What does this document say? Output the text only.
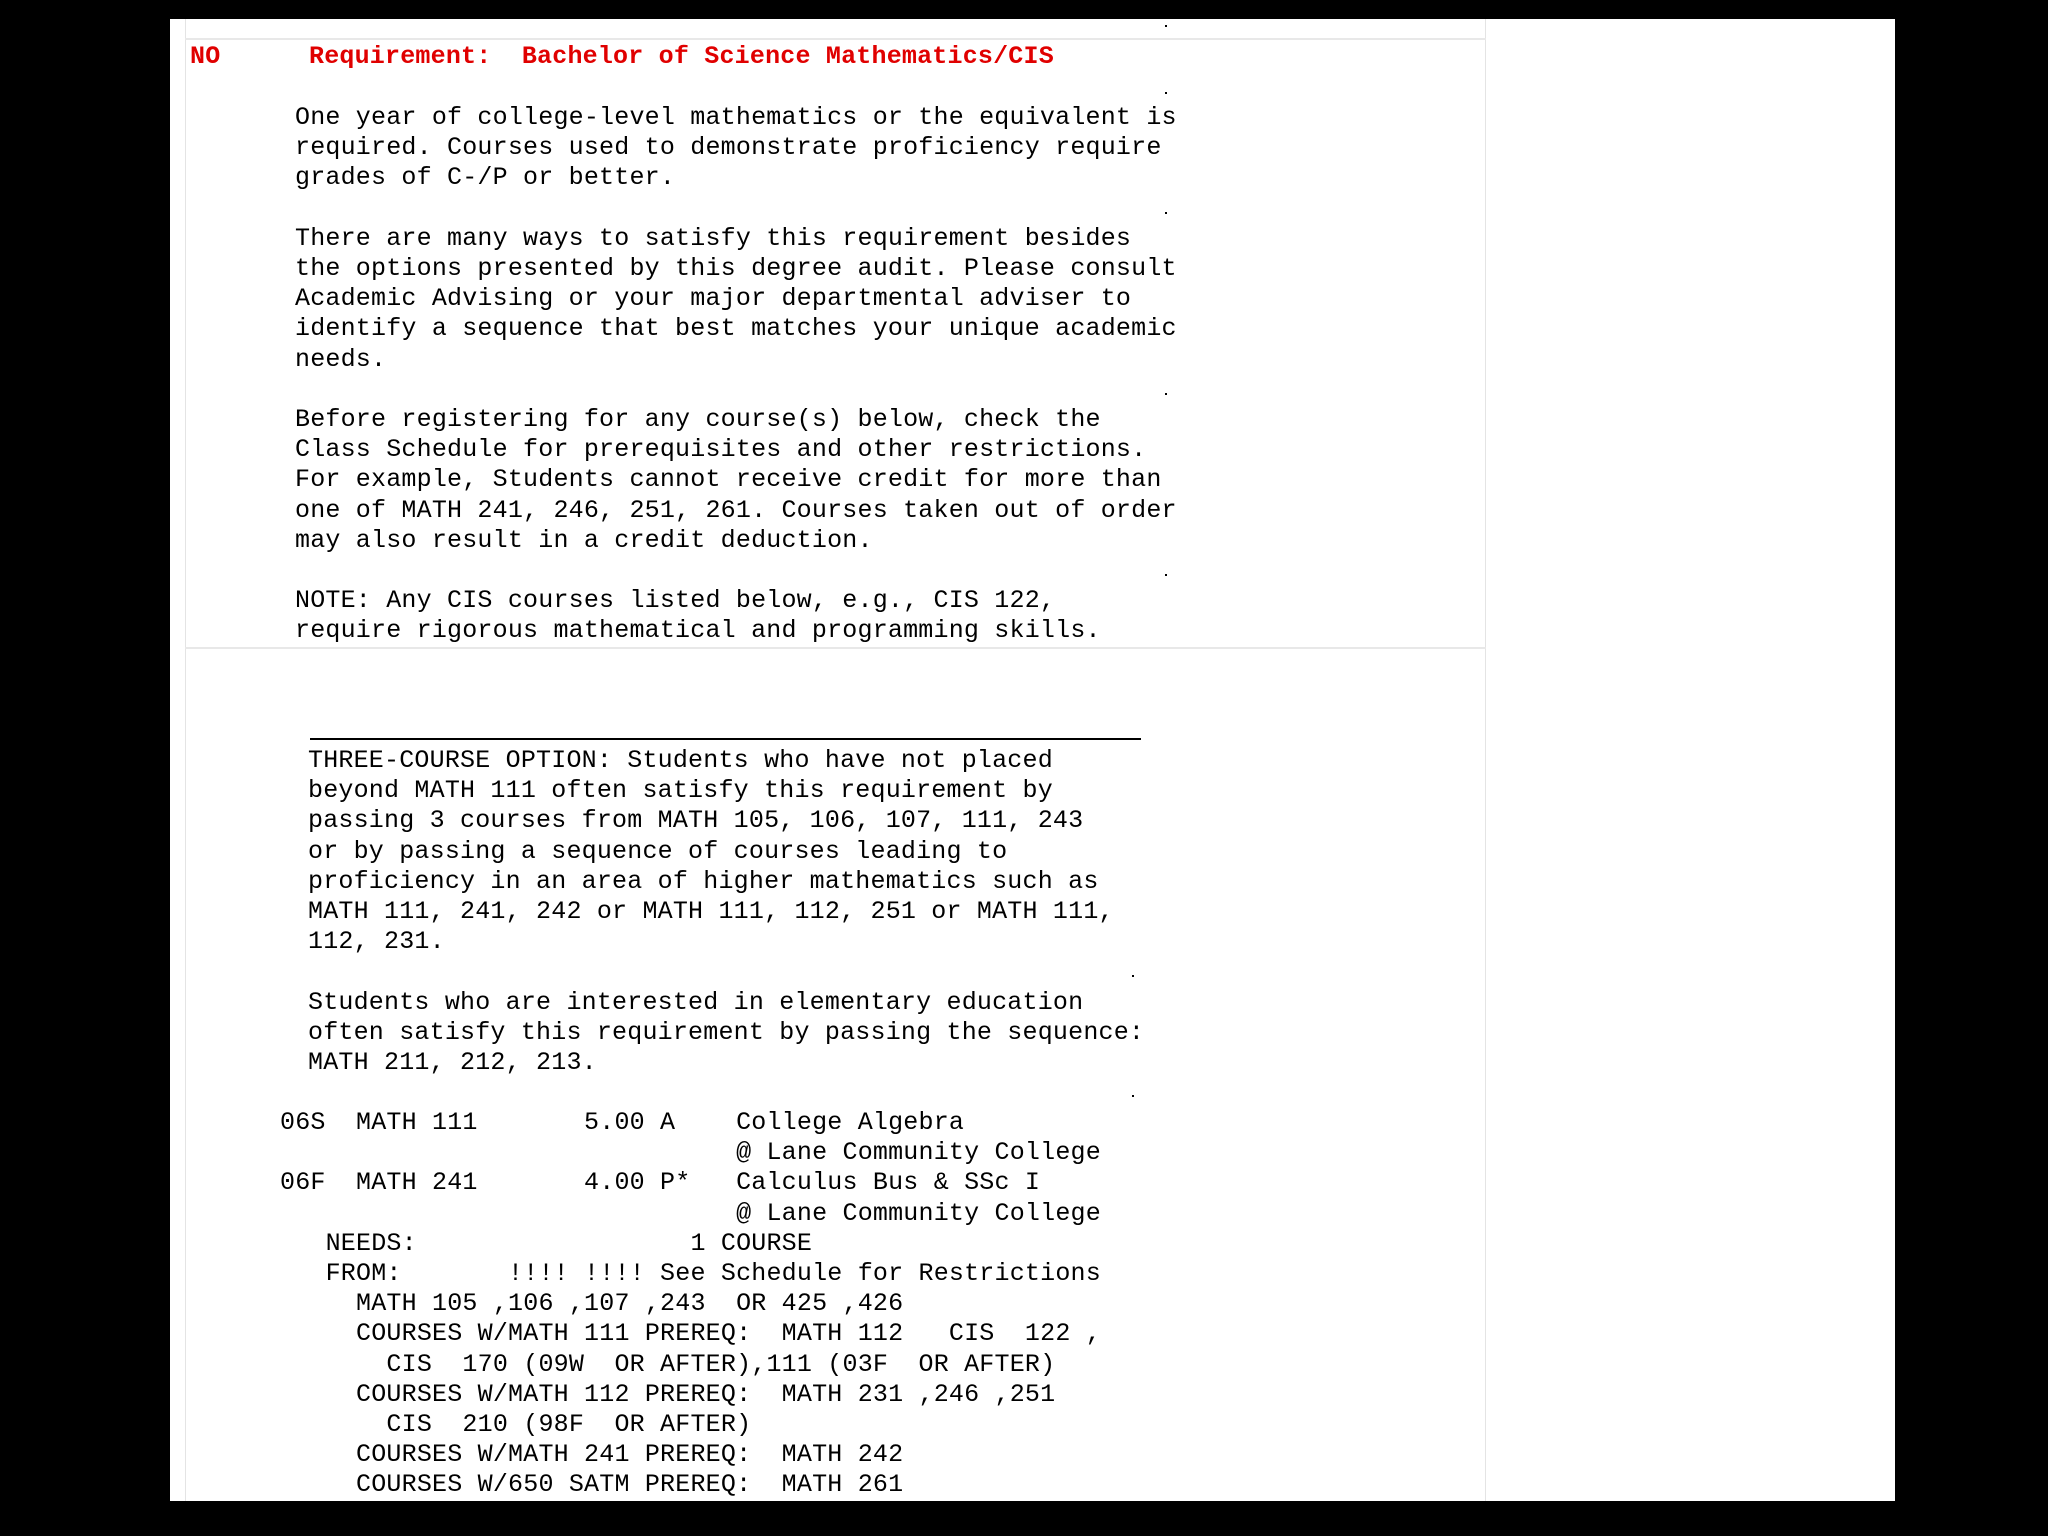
NO	Requirement:  Bachelor of Science Mathematics/CIS
One year of college-level mathematics or the equivalent is
required. Courses used to demonstrate proficiency require
grades of C-/P or better.

There are many ways to satisfy this requirement besides
the options presented by this degree audit. Please consult
Academic Advising or your major departmental adviser to
identify a sequence that best matches your unique academic
needs.

Before registering for any course(s) below, check the
Class Schedule for prerequisites and other restrictions.
For example, Students cannot receive credit for more than
one of MATH 241, 246, 251, 261. Courses taken out of order
may also result in a credit deduction.

NOTE: Any CIS courses listed below, e.g., CIS 122,
require rigorous mathematical and programming skills.
THREE-COURSE OPTION: Students who have not placed
beyond MATH 111 often satisfy this requirement by
passing 3 courses from MATH 105, 106, 107, 111, 243
or by passing a sequence of courses leading to
proficiency in an area of higher mathematics such as
MATH 111, 241, 242 or MATH 111, 112, 251 or MATH 111,
112, 231.

Students who are interested in elementary education
often satisfy this requirement by passing the sequence:
MATH 211, 212, 213.
06S  MATH 111       5.00 A    College Algebra
@ Lane Community College
06F  MATH 241       4.00 P*   Calculus Bus & SSc I
@ Lane Community College
NEEDS:                  1 COURSE
FROM:       !!!! !!!! See Schedule for Restrictions
MATH 105 ,106 ,107 ,243  OR 425 ,426
COURSES W/MATH 111 PREREQ:  MATH 112   CIS  122 ,
CIS  170 (09W  OR AFTER),111 (03F  OR AFTER)
COURSES W/MATH 112 PREREQ:  MATH 231 ,246 ,251
CIS  210 (98F  OR AFTER)
COURSES W/MATH 241 PREREQ:  MATH 242
COURSES W/650 SATM PREREQ:  MATH 261
